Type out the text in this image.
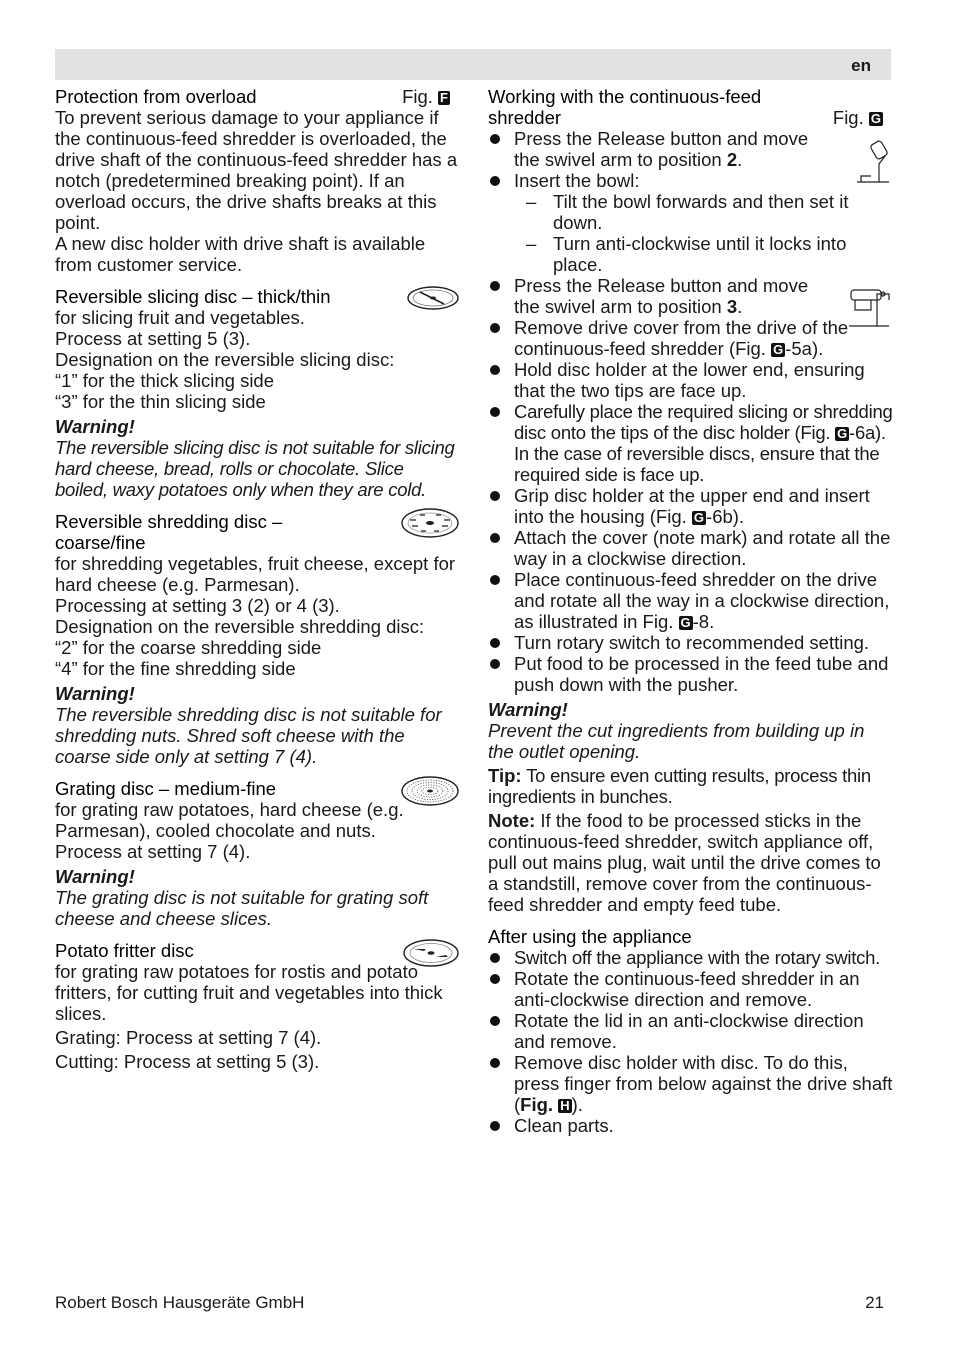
en
Protection from overload	Fig. F

To prevent serious damage to your appliance if the continuous-feed shredder is overloaded, the drive shaft of the continuous-feed shredder has a notch (predetermined breaking point). If an overload occurs, the drive shafts breaks at this point.

A new disc holder with drive shaft is available from customer service.

Reversible slicing disc – thick/thin

for slicing fruit and vegetables.

Process at setting 5 (3).

Designation on the reversible slicing disc:

“1” for the thick slicing side

“3” for the thin slicing side

Warning!

The reversible slicing disc is not suitable for slicing hard cheese, bread, rolls or chocolate. Slice boiled, waxy potatoes only when they are cold.

Reversible shredding disc – coarse/fine

for shredding vegetables, fruit cheese, except for hard cheese (e.g. Parmesan).

Processing at setting 3 (2) or 4 (3).

Designation on the reversible shredding disc:

“2” for the coarse shredding side

“4” for the fine shredding side

Warning!

The reversible shredding disc is not suitable for shredding nuts. Shred soft cheese with the coarse side only at setting 7 (4).

Grating disc – medium-fine

for grating raw potatoes, hard cheese (e.g. Parmesan), cooled chocolate and nuts.

Process at setting 7 (4).

Warning!

The grating disc is not suitable for grating soft cheese and cheese slices.

Potato fritter disc

for grating raw potatoes for rostis and potato fritters, for cutting fruit and vegetables into thick slices.

Grating: Process at setting 7 (4).

Cutting: Process at setting 5 (3).

Working with the continuous-feed
shredder	Fig. G
Press the Release button and move the swivel arm to position 2.
Insert the bowl:
– Tilt the bowl forwards and then set it down.
– Turn anti-clockwise until it locks into place.
Press the Release button and move the swivel arm to position 3.
Remove drive cover from the drive of the continuous-feed shredder (Fig. G -5a).
Hold disc holder at the lower end, ensuring that the two tips are face up.
Carefully place the required slicing or shredding disc onto the tips of the disc holder (Fig. G -6a). In the case of reversible discs, ensure that the required side is face up.
Grip disc holder at the upper end and insert into the housing (Fig. G -6b).
Attach the cover (note mark) and rotate all the way in a clockwise direction.
Place continuous-feed shredder on the drive and rotate all the way in a clockwise direction, as illustrated in Fig. G -8.
Turn rotary switch to recommended setting.
Put food to be processed in the feed tube and push down with the pusher.

Warning!

Prevent the cut ingredients from building up in the outlet opening.

Tip: To ensure even cutting results, process thin ingredients in bunches.

Note: If the food to be processed sticks in the continuous-feed shredder, switch appliance off, pull out mains plug, wait until the drive comes to a standstill, remove cover from the continuous-feed shredder and empty feed tube.

After using the appliance
Switch off the appliance with the rotary switch.
Rotate the continuous-feed shredder in an anti-clockwise direction and remove.
Rotate the lid in an anti-clockwise direction and remove.
Remove disc holder with disc. To do this, press finger from below against the drive shaft (Fig. H ).
Clean parts.
Robert Bosch Hausgeräte GmbH	21
